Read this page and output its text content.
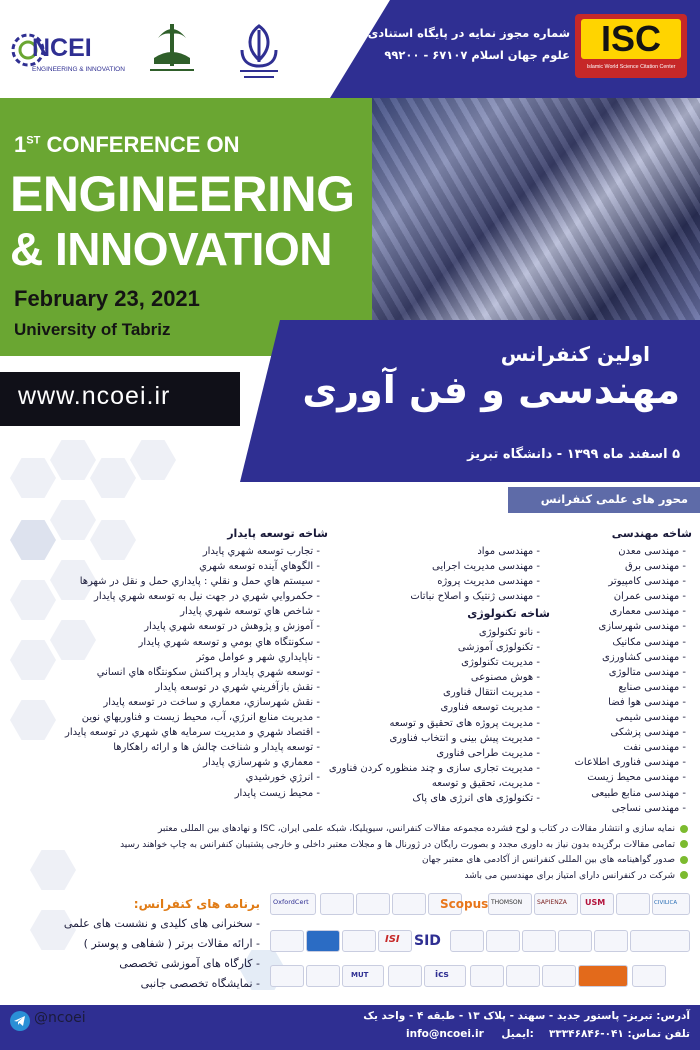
NCEI
ENGINEERING & INNOVATION
شماره مجوز نمایه در پایگاه استنادی
علوم جهان اسلام ۶۷۱۰۷ - ۹۹۲۰۰ ISC
Islamic World Science Citation Center
1ST CONFERENCE ON
ENGINEERING
& INNOVATION
February 23, 2021
University of Tabriz
www.ncoei.ir
اولین کنفرانس
مهندسی و فن آوری
۵ اسفند ماه ۱۳۹۹ - دانشگاه تبریز
محور های علمی کنفرانس
شاخه مهندسی
- مهندسی معدن
- مهندسی برق
- مهندسی کامپیوتر
- مهندسی عمران
- مهندسی معماری
- مهندسی شهرسازی
- مهندسی مکانیک
- مهندسی کشاورزی
- مهندسی متالوژی
- مهندسی صنایع
- مهندسی هوا فضا
- مهندسی شیمی
- مهندسی پزشکی
- مهندسی نفت
- مهندسی فناوری اطلاعات
- مهندسی محیط زیست
- مهندسی منابع طبیعی
- مهندسی نساجی
- مهندسی مواد
- مهندسی مدیریت اجرایی
- مهندسی مدیریت پروژه
- مهندسی ژنتیک و اصلاح نباتات
شاخه تکنولوژی
- نانو تکنولوژی
- تکنولوژی آموزشی
- مدیریت تکنولوژی
- هوش مصنوعی
- مدیریت انتقال فناوری
- مدیریت توسعه فناوری
- مدیریت پروژه های تحقیق و توسعه
- مدیریت پیش بینی و انتخاب فناوری
- مدیریت طراحی فناوری
- مدیریت تجاری سازی و چند منظوره کردن فناوری
- مدیریت، تحقیق و توسعه
- تکنولوژی های انرژی های پاک
شاخه توسعه پایدار
- تجارب توسعه شهري پايدار
- الگوهاي آينده توسعه شهري
- سيستم هاي حمل و نقلي : پايداري حمل و نقل در شهرها
- حكمروايي شهري در جهت نيل به توسعه شهري پايدار
- شاخص هاي توسعه شهري پايدار
- آموزش و پژوهش در توسعه شهري پايدار
- سكونتگاه هاي بومي و توسعه شهري پايدار
- ناپايداري شهر و عوامل موثر
- توسعه شهري پايدار و پراكنش سكونتگاه هاي انساني
- نقش بازآفريني شهري در توسعه پايدار
- نقش شهرسازي، معماري و ساخت در توسعه پايدار
- مديريت منابع انرژي، آب، محيط زيست و فناوريهاي نوين
- اقتصاد شهري و مديريت سرمايه هاي شهري در توسعه پايدار
- توسعه پايدار و شناخت چالش ها و ارائه راهكارها
- معماري و شهرسازي پايدار
- انرژي خورشيدي
- محيط زيست پايدار
نمایه سازی و انتشار مقالات در کتاب و لوح فشرده مجموعه مقالات کنفرانس، سیویلیکا، شبکه علمی ایران، ISC و نهادهای بین المللی معتبر
تمامی مقالات برگزیده بدون نیاز به داوری مجدد و بصورت رایگان در ژورنال ها و مجلات معتبر داخلی و خارجی پشتیبان کنفرانس به چاپ خواهند رسید
صدور گواهینامه های بین المللی کنفرانس از آکادمی های معتبر جهان
شرکت در کنفرانس دارای امتیاز برای مهندسین می باشد
برنامه های کنفرانس:
- سخنرانی های کلیدی و نشست های علمی
- ارائه مقالات برتر ( شفاهی و پوستر )
- کارگاه های آموزشی تخصصی
- نمایشگاه تخصصی جانبی
OxfordCert	Scopus THOMSON SAPIENZA USM	CIVILICA
ISI SID
MUT	ics
@ncoei	آدرس: تبریز- پاستور جدید - سهند - پلاک ۱۳ - طبقه ۴ - واحد یک
تلفن تماس: ۰۴۱-۳۳۳۴۶۸۴۶
info@ncoei.ir ایمیل:
